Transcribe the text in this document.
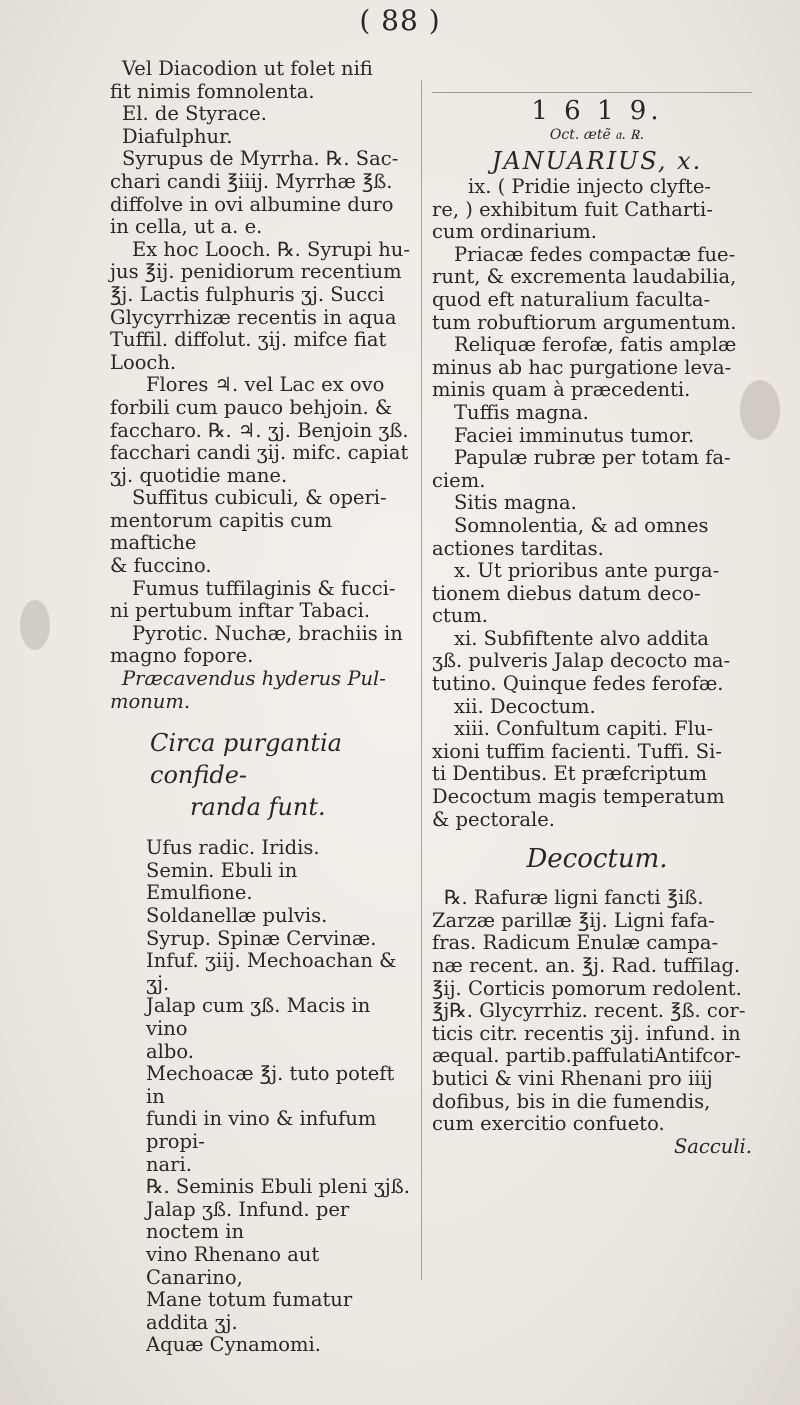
( 88 )

Vel Diacodion ut folet nifi

fit nimis fomnolenta.

El. de Styrace.

Diafulphur.

Syrupus de Myrrha. ℞. Sac-

chari candi ℥iiij. Myrrhæ ℥ß.

diffolve in ovi albumine duro

in cella, ut a. e.

Ex hoc Looch. ℞. Syrupi hu-

jus ℥ij. penidiorum recentium

℥j. Lactis fulphuris ʒj. Succi

Glycyrrhizæ recentis in aqua

Tuffil. diffolut. ʒij. mifce fiat

Looch.

Flores ♃. vel Lac ex ovo

forbili cum pauco behjoin. &

faccharo. ℞. ♃. ʒj. Benjoin ʒß.

facchari candi ʒij. mifc. capiat

ʒj. quotidie mane.

Suffitus cubiculi, & operi-

mentorum capitis cum maftiche

& fuccino.

Fumus tuffilaginis & fucci-

ni pertubum inftar Tabaci.

Pyrotic. Nuchæ, brachiis in

magno fopore.

Præcavendus hyderus Pul-

monum.

Circa purgantia confide-

randa funt.

Ufus radic. Iridis.

Semin. Ebuli in Emulfione.

Soldanellæ pulvis.

Syrup. Spinæ Cervinæ.

Infuf. ʒiij. Mechoachan & ʒj.

Jalap cum ʒß. Macis in vino

albo.

Mechoacæ ℥j. tuto poteft in

fundi in vino & infufum propi-

nari.

℞. Seminis Ebuli pleni ʒjß.

Jalap ʒß. Infund. per noctem in

vino Rhenano aut Canarino,

Mane totum fumatur addita ʒj.

Aquæ Cynamomi.

1 6 1 9.

Oct. ætẽ 𝔞. ℞.

JANUARIUS, x.

ix. ( Pridie injecto clyfte-

re, ) exhibitum fuit Catharti-

cum ordinarium.

Priacæ fedes compactæ fue-

runt, & excrementa laudabilia,

quod eft naturalium faculta-

tum robuftiorum argumentum.

Reliquæ ferofæ, fatis amplæ

minus ab hac purgatione leva-

minis quam à præcedenti.

Tuffis magna.

Faciei imminutus tumor.

Papulæ rubræ per totam fa-

ciem.

Sitis magna.

Somnolentia, & ad omnes

actiones tarditas.

x. Ut prioribus ante purga-

tionem diebus datum deco-

ctum.

xi. Subfiftente alvo addita

ʒß. pulveris Jalap decocto ma-

tutino. Quinque fedes ferofæ.

xii. Decoctum.

xiii. Confultum capiti. Flu-

xioni tuffim facienti. Tuffi. Si-

ti Dentibus. Et præfcriptum

Decoctum magis temperatum

& pectorale.

Decoctum.

℞. Rafuræ ligni fancti ℥iß.

Zarzæ parillæ ℥ij. Ligni fafa-

fras. Radicum Enulæ campa-

næ recent. an. ℥j. Rad. tuffilag.

℥ij. Corticis pomorum redolent.

℥j℞. Glycyrrhiz. recent. ℥ß. cor-

ticis citr. recentis ʒij. infund. in

æqual. partib.paffulatiAntifcor-

butici & vini Rhenani pro iiij

dofibus, bis in die fumendis,

cum exercitio confueto.

Sacculi.
